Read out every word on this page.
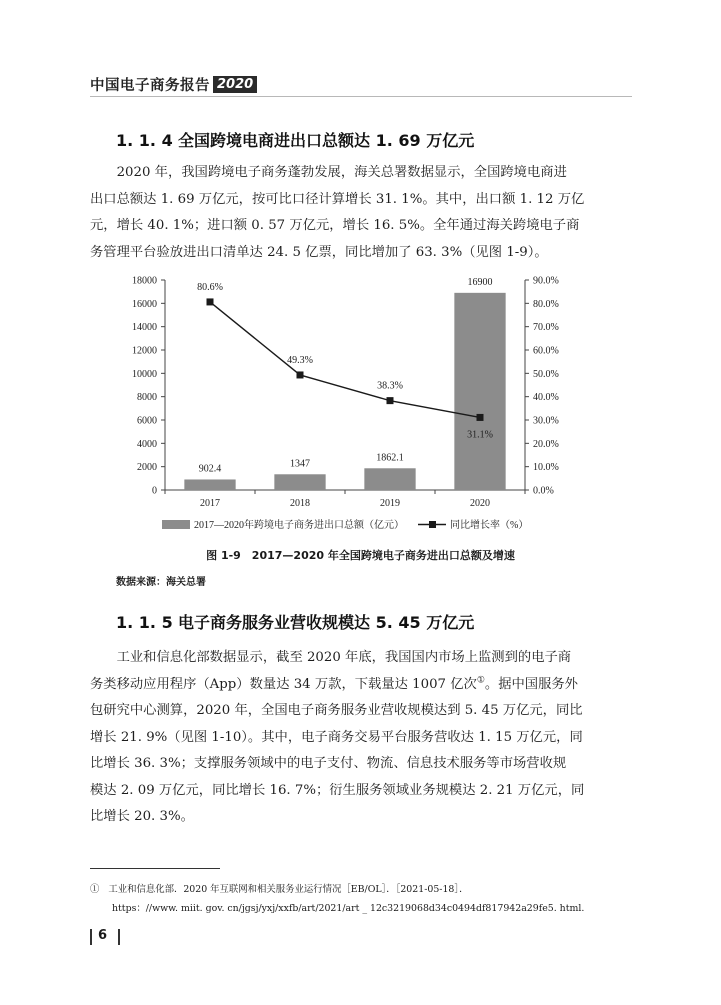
中国电子商务报告 2020
1. 1. 4 全国跨境电商进出口总额达 1. 69 万亿元

2020 年，我国跨境电子商务蓬勃发展，海关总署数据显示，全国跨境电商进

出口总额达 1. 69 万亿元，按可比口径计算增长 31. 1%。其中，出口额 1. 12 万亿
元，增长 40. 1%；进口额 0. 57 万亿元，增长 16. 5%。全年通过海关跨境电子商
务管理平台验放进出口清单达 24. 5 亿票，同比增加了 63. 3%（见图 1-9）。
0
2000
4000
6000
8000
10000
12000
14000
16000
18000
0.0%
10.0%
20.0%
30.0%
40.0%
50.0%
60.0%
70.0%
80.0%
90.0%
2017	2018	2019	2020
902.4	1347
1862.1
16900
80.6%
49.3%
38.3%
31.1%
2017—2020年跨境电子商务进出口总额（亿元）	同比增长率（%）
图 1-9　2017—2020 年全国跨境电子商务进出口总额及增速
数据来源：海关总署
1. 1. 5 电子商务服务业营收规模达 5. 45 万亿元

工业和信息化部数据显示，截至 2020 年底，我国国内市场上监测到的电子商

务类移动应用程序（App）数量达 34 万款，下载量达 1007 亿次①。据中国服务外
包研究中心测算，2020 年，全国电子商务服务业营收规模达到 5. 45 万亿元，同比
增长 21. 9%（见图 1-10）。其中，电子商务交易平台服务营收达 1. 15 万亿元，同
比增长 36. 3%；支撑服务领域中的电子支付、物流、信息技术服务等市场营收规
模达 2. 09 万亿元，同比增长 16. 7%；衍生服务领域业务规模达 2. 21 万亿元，同
比增长 20. 3%。
① 工业和信息化部．2020 年互联网和相关服务业运行情况［EB/OL］．［2021-05-18］．
https：//www. miit. gov. cn/jgsj/yxj/xxfb/art/2021/art _ 12c3219068d34c0494df817942a29fe5. html.
6
